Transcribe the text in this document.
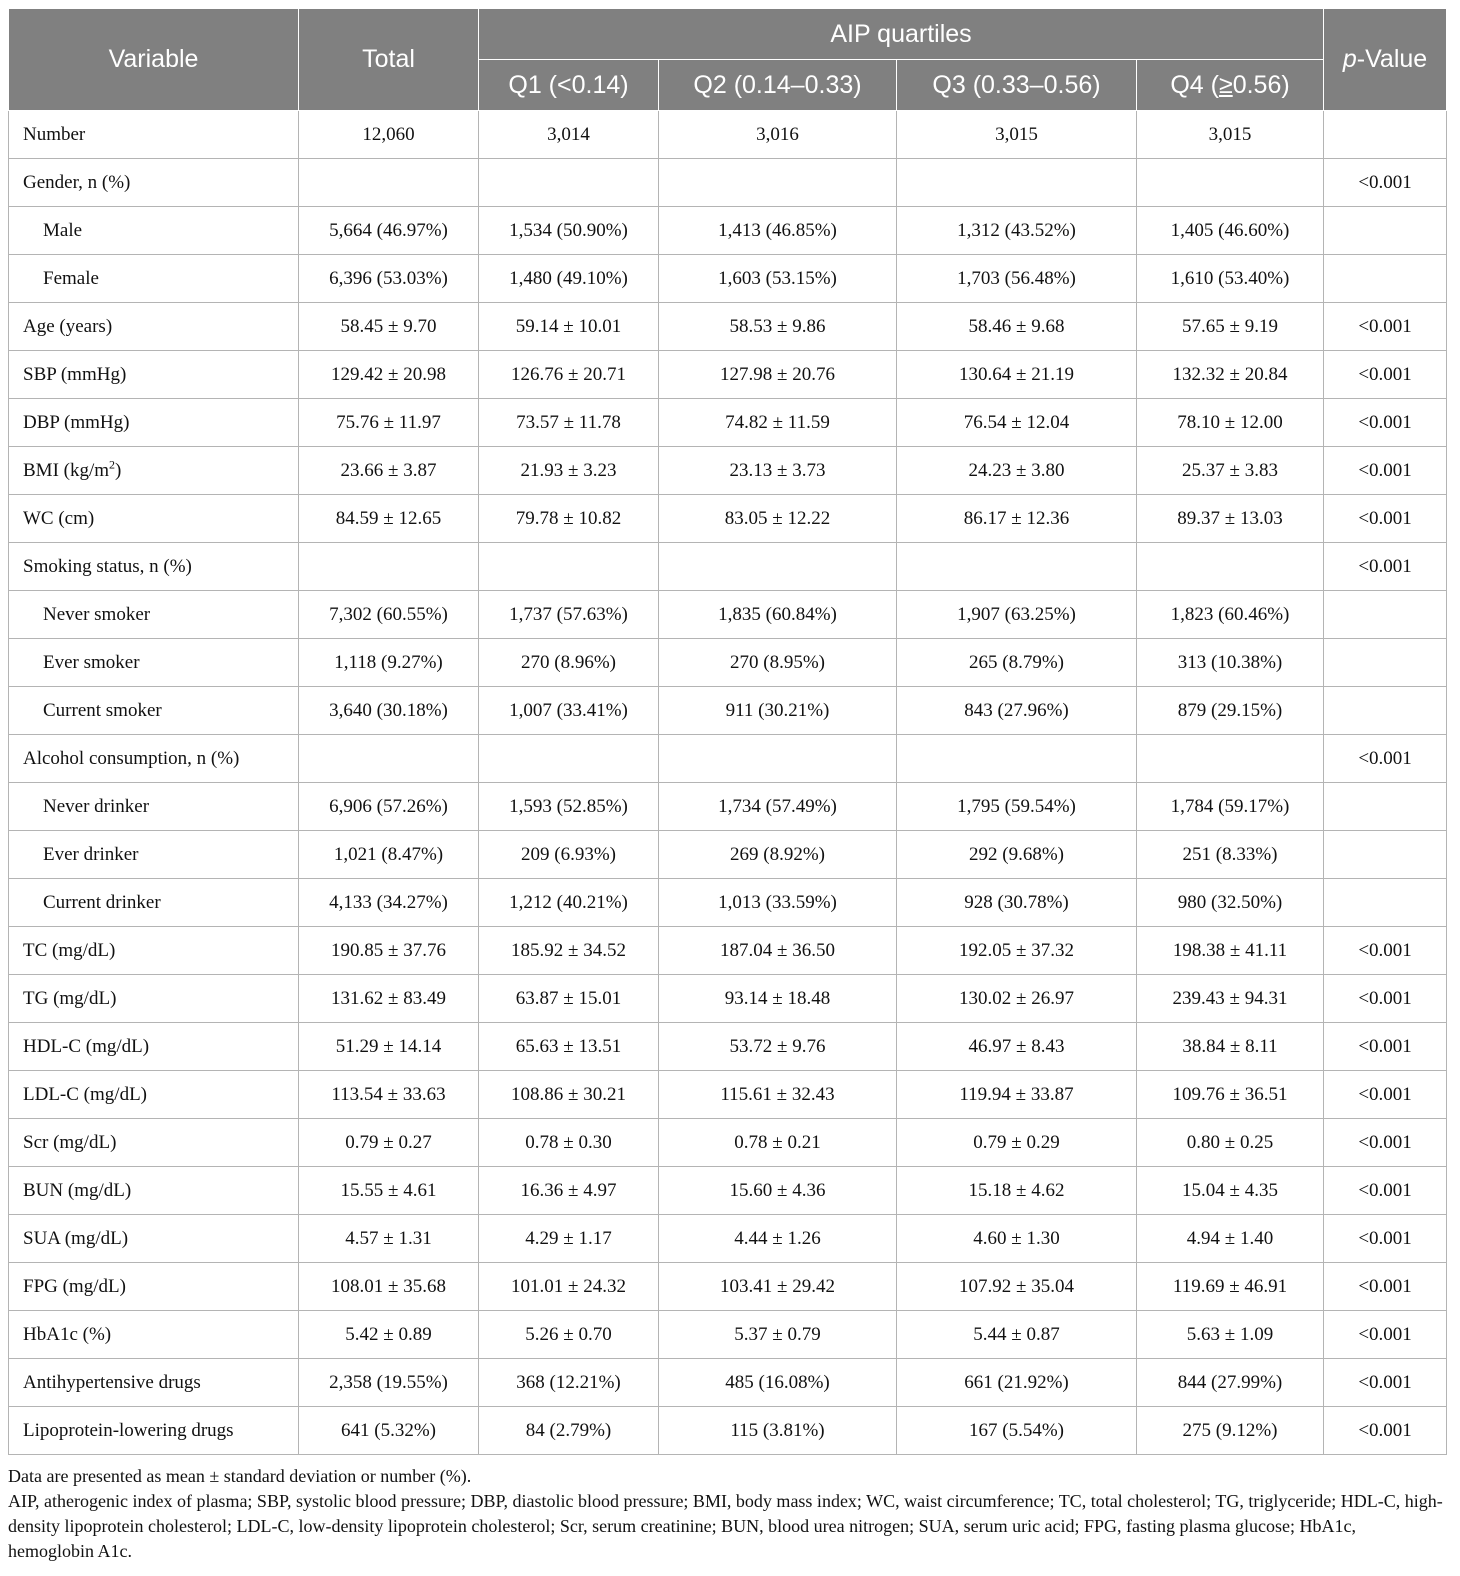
Variable	Total	AIP quartiles				p-Value
		Q1 (<0.14)	Q2 (0.14–0.33)	Q3 (0.33–0.56)	Q4 (≥0.56)	
Number	12,060	3,014	3,016	3,015	3,015	
Gender, n (%)						<0.001
Male	5,664 (46.97%)	1,534 (50.90%)	1,413 (46.85%)	1,312 (43.52%)	1,405 (46.60%)	
Female	6,396 (53.03%)	1,480 (49.10%)	1,603 (53.15%)	1,703 (56.48%)	1,610 (53.40%)	
Age (years)	58.45 ± 9.70	59.14 ± 10.01	58.53 ± 9.86	58.46 ± 9.68	57.65 ± 9.19	<0.001
SBP (mmHg)	129.42 ± 20.98	126.76 ± 20.71	127.98 ± 20.76	130.64 ± 21.19	132.32 ± 20.84	<0.001
DBP (mmHg)	75.76 ± 11.97	73.57 ± 11.78	74.82 ± 11.59	76.54 ± 12.04	78.10 ± 12.00	<0.001
BMI $(kg/m^2)$	23.66 ± 3.87	21.93 ± 3.23	23.13 ± 3.73	24.23 ± 3.80	25.37 ± 3.83	<0.001
WC (cm)	84.59 ± 12.65	79.78 ± 10.82	83.05 ± 12.22	86.17 ± 12.36	89.37 ± 13.03	<0.001
Smoking status, n (%)						<0.001
Never smoker	7,302 (60.55%)	1,737 (57.63%)	1,835 (60.84%)	1,907 (63.25%)	1,823 (60.46%)	
Ever smoker	1,118 (9.27%)	270 (8.96%)	270 (8.95%)	265 (8.79%)	313 (10.38%)	
Current smoker	3,640 (30.18%)	1,007 (33.41%)	911 (30.21%)	843 (27.96%)	879 (29.15%)	
Alcohol consumption, n (%)						<0.001
Never drinker	6,906 (57.26%)	1,593 (52.85%)	1,734 (57.49%)	1,795 (59.54%)	1,784 (59.17%)	
Ever drinker	1,021 (8.47%)	209 (6.93%)	269 (8.92%)	292 (9.68%)	251 (8.33%)	
Current drinker	4,133 (34.27%)	1,212 (40.21%)	1,013 (33.59%)	928 (30.78%)	980 (32.50%)	
TC (mg/dL)	190.85 ± 37.76	185.92 ± 34.52	187.04 ± 36.50	192.05 ± 37.32	198.38 ± 41.11	<0.001
TG (mg/dL)	131.62 ± 83.49	63.87 ± 15.01	93.14 ± 18.48	130.02 ± 26.97	239.43 ± 94.31	<0.001
HDL-C (mg/dL)	51.29 ± 14.14	65.63 ± 13.51	53.72 ± 9.76	46.97 ± 8.43	38.84 ± 8.11	<0.001
LDL-C (mg/dL)	113.54 ± 33.63	108.86 ± 30.21	115.61 ± 32.43	119.94 ± 33.87	109.76 ± 36.51	<0.001
Scr (mg/dL)	0.79 ± 0.27	0.78 ± 0.30	0.78 ± 0.21	0.79 ± 0.29	0.80 ± 0.25	<0.001
BUN (mg/dL)	15.55 ± 4.61	16.36 ± 4.97	15.60 ± 4.36	15.18 ± 4.62	15.04 ± 4.35	<0.001
SUA (mg/dL)	4.57 ± 1.31	4.29 ± 1.17	4.44 ± 1.26	4.60 ± 1.30	4.94 ± 1.40	<0.001
FPG (mg/dL)	108.01 ± 35.68	101.01 ± 24.32	103.41 ± 29.42	107.92 ± 35.04	119.69 ± 46.91	<0.001
HbA1c (%)	5.42 ± 0.89	5.26 ± 0.70	5.37 ± 0.79	5.44 ± 0.87	5.63 ± 1.09	<0.001
Antihypertensive drugs	2,358 (19.55%)	368 (12.21%)	485 (16.08%)	661 (21.92%)	844 (27.99%)	<0.001
Lipoprotein-lowering drugs	641 (5.32%)	84 (2.79%)	115 (3.81%)	167 (5.54%)	275 (9.12%)	<0.001
Data are presented as mean ± standard deviation or number (%).
AIP, atherogenic index of plasma; SBP, systolic blood pressure; DBP, diastolic blood pressure; BMI, body mass index; WC, waist circumference; TC, total cholesterol; TG, triglyceride; HDL-C, high-density lipoprotein cholesterol; LDL-C, low-density lipoprotein cholesterol; Scr, serum creatinine; BUN, blood urea nitrogen; SUA, serum uric acid; FPG, fasting plasma glucose; HbA1c, hemoglobin A1c.
